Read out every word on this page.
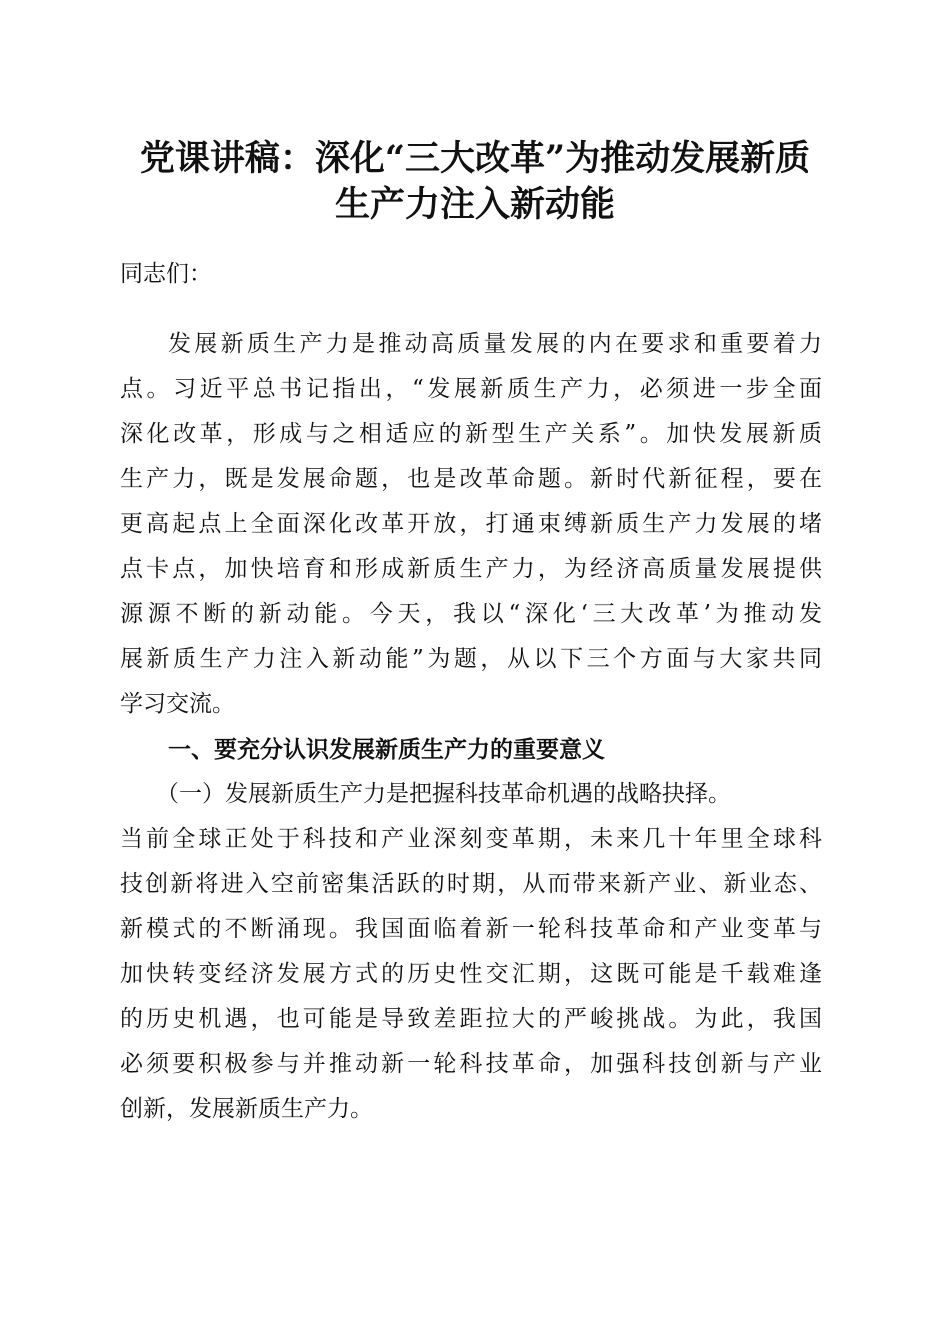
党课讲稿：深化“三大改革”为推动发展新质
生产力注入新动能
同志们：
发展新质生产力是推动高质量发展的内在要求和重要着力
点。习近平总书记指出，“发展新质生产力，必须进一步全面
深化改革，形成与之相适应的新型生产关系”。加快发展新质
生产力，既是发展命题，也是改革命题。新时代新征程，要在
更高起点上全面深化改革开放，打通束缚新质生产力发展的堵
点卡点，加快培育和形成新质生产力，为经济高质量发展提供
源源不断的新动能。今天，我以“深化‘三大改革’为推动发
展新质生产力注入新动能”为题，从以下三个方面与大家共同
学习交流。
一、要充分认识发展新质生产力的重要意义
（一）发展新质生产力是把握科技革命机遇的战略抉择。
当前全球正处于科技和产业深刻变革期，未来几十年里全球科
技创新将进入空前密集活跃的时期，从而带来新产业、新业态、
新模式的不断涌现。我国面临着新一轮科技革命和产业变革与
加快转变经济发展方式的历史性交汇期，这既可能是千载难逢
的历史机遇，也可能是导致差距拉大的严峻挑战。为此，我国
必须要积极参与并推动新一轮科技革命，加强科技创新与产业
创新，发展新质生产力。
